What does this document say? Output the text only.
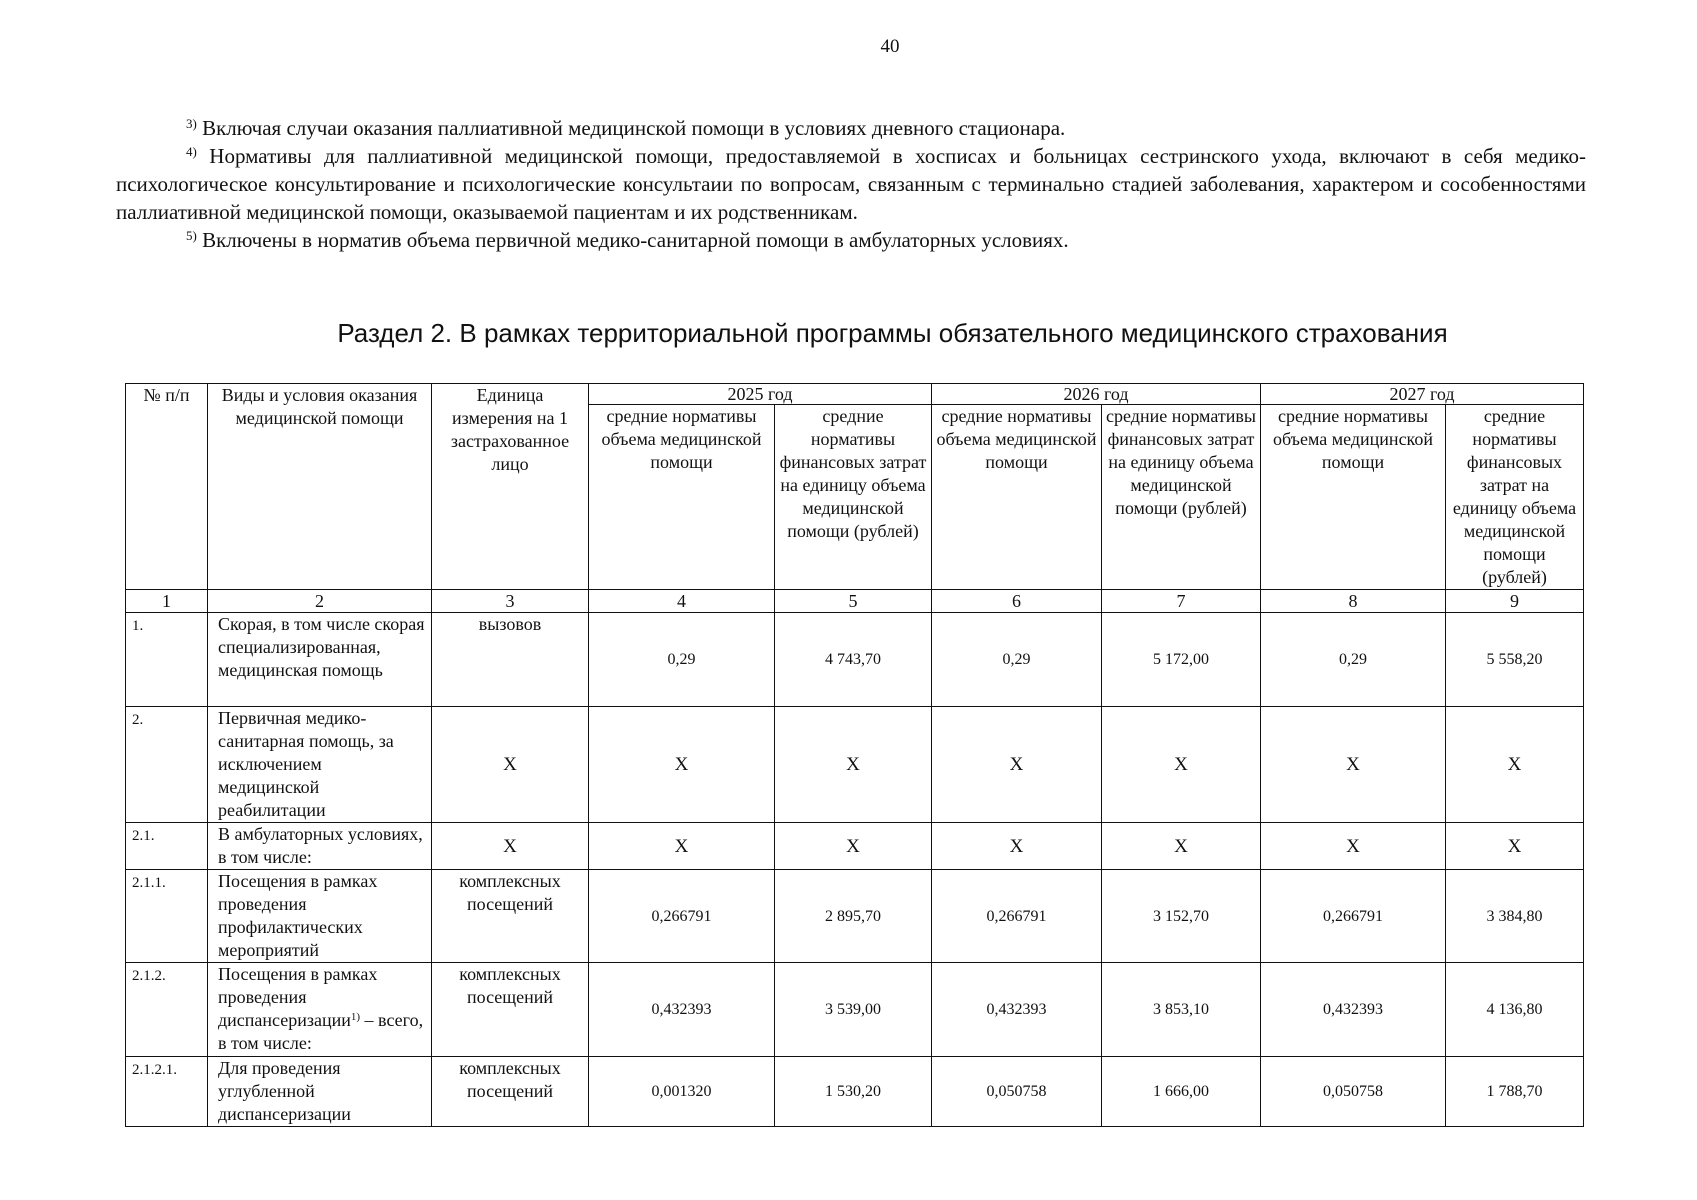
40

$^{3)}$ Включая случаи оказания паллиативной медицинской помощи в условиях дневного стационара.

$^{4)}$ Нормативы для паллиативной медицинской помощи, предоставляемой в хосписах и больницах сестринского ухода, включают в себя медико-психологическое консультирование и психологические консультаии по вопросам, связанным с терминально стадией заболевания, характером и сособенностями паллиативной медицинской помощи, оказываемой пациентам и их родственникам.

$^{5)}$ Включены в норматив объема первичной медико-санитарной помощи в амбулаторных условиях.

Раздел 2. В рамках территориальной программы обязательного медицинского страхования
№ п/п	Виды и условия оказания медицинской помощи	Единица измерения на 1 застрахованное лицо	2025 год		2026 год		2027 год	
			средние нормативы объема медицинской помощи	средние нормативы финансовых затрат на единицу объема медицинской помощи (рублей)	средние нормативы объема медицинской помощи	средние нормативы финансовых затрат на единицу объема медицинской помощи (рублей)	средние нормативы объема медицинской помощи	средние нормативы финансовых затрат на единицу объема медицинской помощи (рублей)
1	2	3	4	5	6	7	8	9
1.	Скорая, в том числе скорая специализированная, медицинская помощь	вызовов	0,29	4 743,70	0,29	5 172,00	0,29	5 558,20
2.	Первичная медико-санитарная помощь, за исключением медицинской реабилитации	Х	Х	Х	Х	Х	Х	Х
2.1.	В амбулаторных условиях, в том числе:	Х	Х	Х	Х	Х	Х	Х
2.1.1.	Посещения в рамках проведения профилактических мероприятий	комплексных посещений	0,266791	2 895,70	0,266791	3 152,70	0,266791	3 384,80
2.1.2.	Посещения в рамках проведения диспансеризации$^{1)}$ – всего, в том числе:	комплексных посещений	0,432393	3 539,00	0,432393	3 853,10	0,432393	4 136,80
2.1.2.1.	Для проведения углубленной диспансеризации	комплексных посещений	0,001320	1 530,20	0,050758	1 666,00	0,050758	1 788,70
